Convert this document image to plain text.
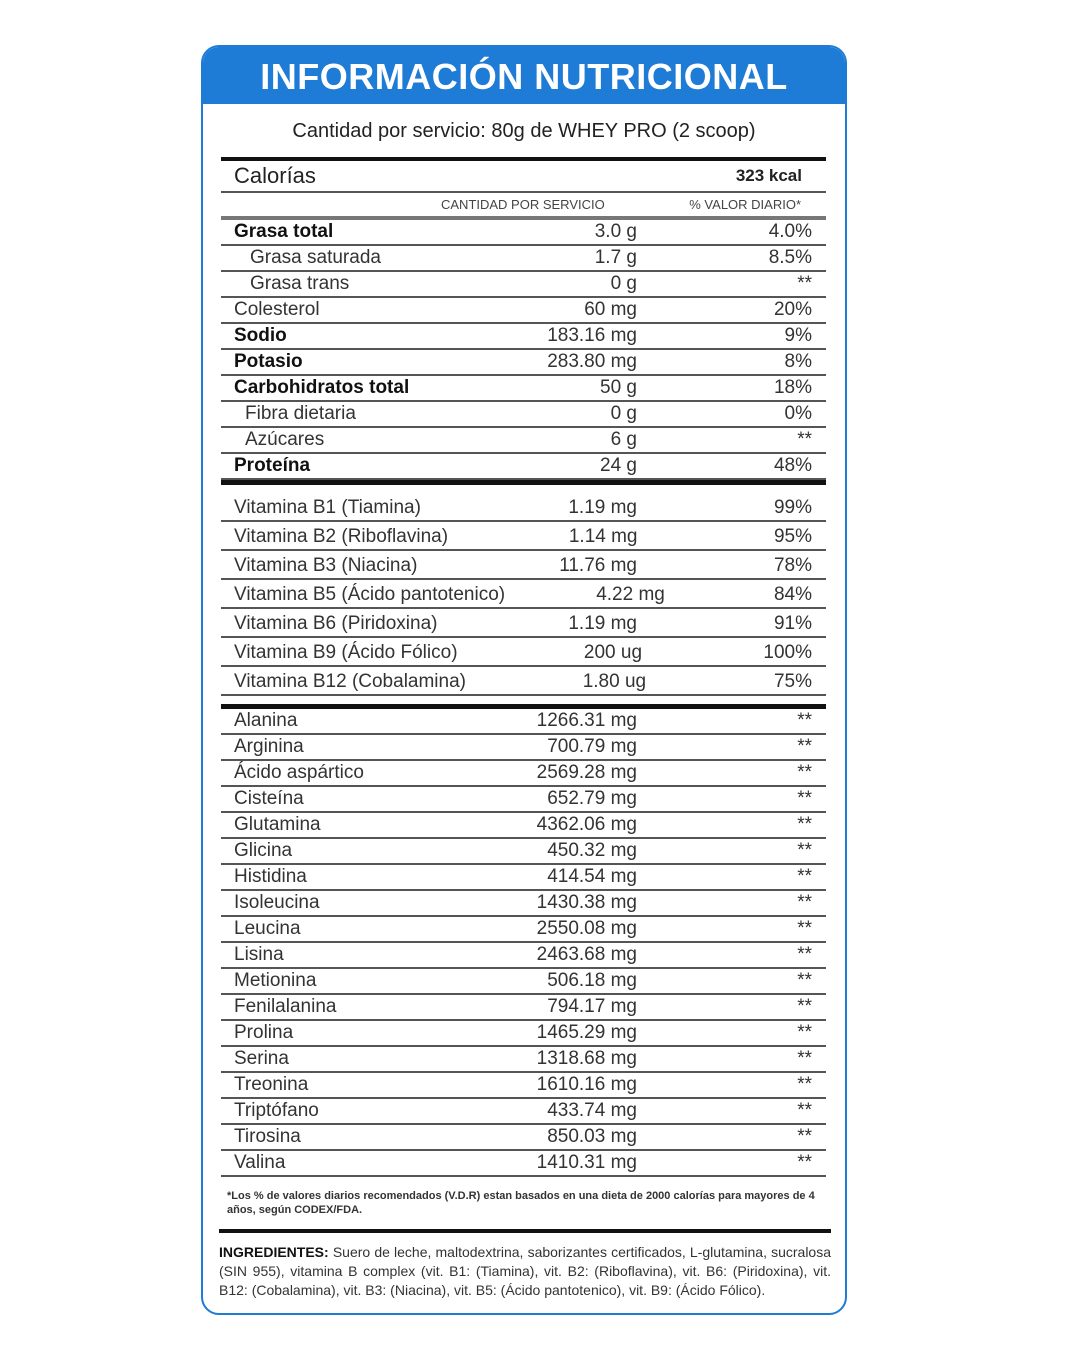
INFORMACIÓN NUTRICIONAL
Cantidad por servicio: 80g de WHEY PRO (2 scoop)
Calorías	323 kcal
CANTIDAD POR SERVICIO	% VALOR DIARIO*
Grasa total	3.0 g	4.0%
Grasa saturada	1.7 g	8.5%
Grasa trans	0 g	**
Colesterol	60 mg	20%
Sodio	183.16 mg	9%
Potasio	283.80 mg	8%
Carbohidratos total	50 g	18%
Fibra dietaria	0 g	0%
Azúcares	6 g	**
Proteína	24 g	48%
Vitamina B1 (Tiamina)	1.19 mg	99%
Vitamina B2 (Riboflavina)	1.14 mg	95%
Vitamina B3 (Niacina)	11.76 mg	78%
Vitamina B5 (Ácido pantotenico)	4.22 mg	84%
Vitamina B6 (Piridoxina)	1.19 mg	91%
Vitamina B9 (Ácido Fólico)	200 ug	100%
Vitamina B12 (Cobalamina)	1.80 ug	75%
Alanina	1266.31 mg	**
Arginina	700.79 mg	**
Ácido aspártico	2569.28 mg	**
Cisteína	652.79 mg	**
Glutamina	4362.06 mg	**
Glicina	450.32 mg	**
Histidina	414.54 mg	**
Isoleucina	1430.38 mg	**
Leucina	2550.08 mg	**
Lisina	2463.68 mg	**
Metionina	506.18 mg	**
Fenilalanina	794.17 mg	**
Prolina	1465.29 mg	**
Serina	1318.68 mg	**
Treonina	1610.16 mg	**
Triptófano	433.74 mg	**
Tirosina	850.03 mg	**
Valina	1410.31 mg	**
*Los % de valores diarios recomendados (V.D.R) estan basados en una dieta de 2000 calorías para mayores de 4 años, según CODEX/FDA.
INGREDIENTES: Suero de leche, maltodextrina, saborizantes certificados, L-glutamina, sucralosa (SIN 955), vitamina B complex (vit. B1: (Tiamina), vit. B2: (Riboflavina), vit. B6: (Piridoxina), vit. B12: (Cobalamina), vit. B3: (Niacina), vit. B5: (Ácido pantotenico), vit. B9: (Ácido Fólico).
